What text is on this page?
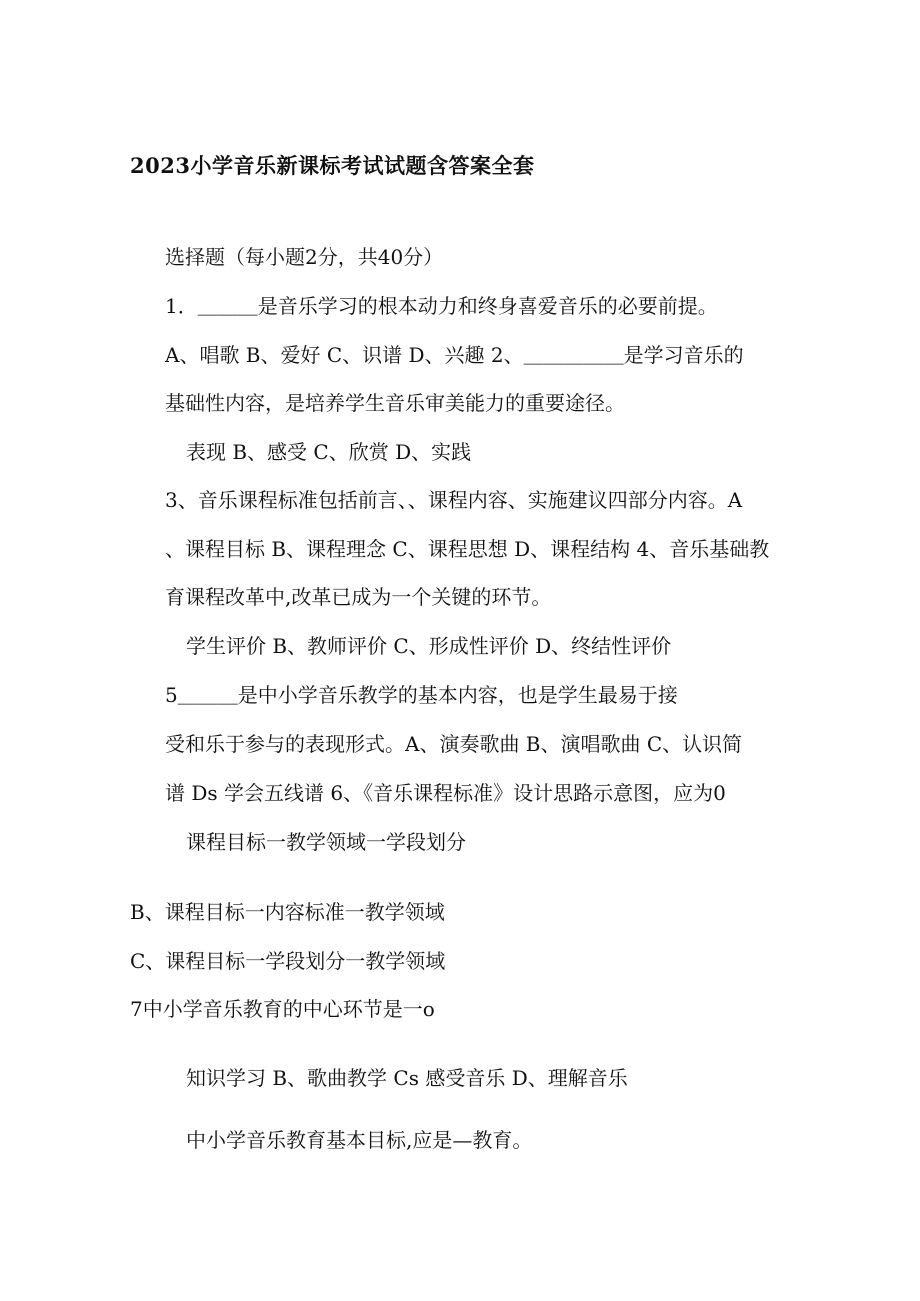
2023小学音乐新课标考试试题含答案全套
选择题（每小题2分，共40分）
1．＿＿＿是音乐学习的根本动力和终身喜爱音乐的必要前提。
A、唱歌 B、爱好 C、识谱 D、兴趣 2、＿＿＿＿＿是学习音乐的
基础性内容，是培养学生音乐审美能力的重要途径。
表现 B、感受 C、欣赏 D、实践
3、音乐课程标准包括前言、、课程内容、实施建议四部分内容。A
、课程目标 B、课程理念 C、课程思想 D、课程结构 4、音乐基础教
育课程改革中,改革已成为一个关键的环节。
学生评价 B、教师评价 C、形成性评价 D、终结性评价
5＿＿＿是中小学音乐教学的基本内容，也是学生最易于接
受和乐于参与的表现形式。A、演奏歌曲 B、演唱歌曲 C、认识简
谱 Ds 学会五线谱 6、《音乐课程标准》设计思路示意图，应为0
课程目标一教学领域一学段划分
B、课程目标一内容标准一教学领域
C、课程目标一学段划分一教学领域
7中小学音乐教育的中心环节是一o
知识学习 B、歌曲教学 Cs 感受音乐 D、理解音乐
中小学音乐教育基本目标,应是—教育。
